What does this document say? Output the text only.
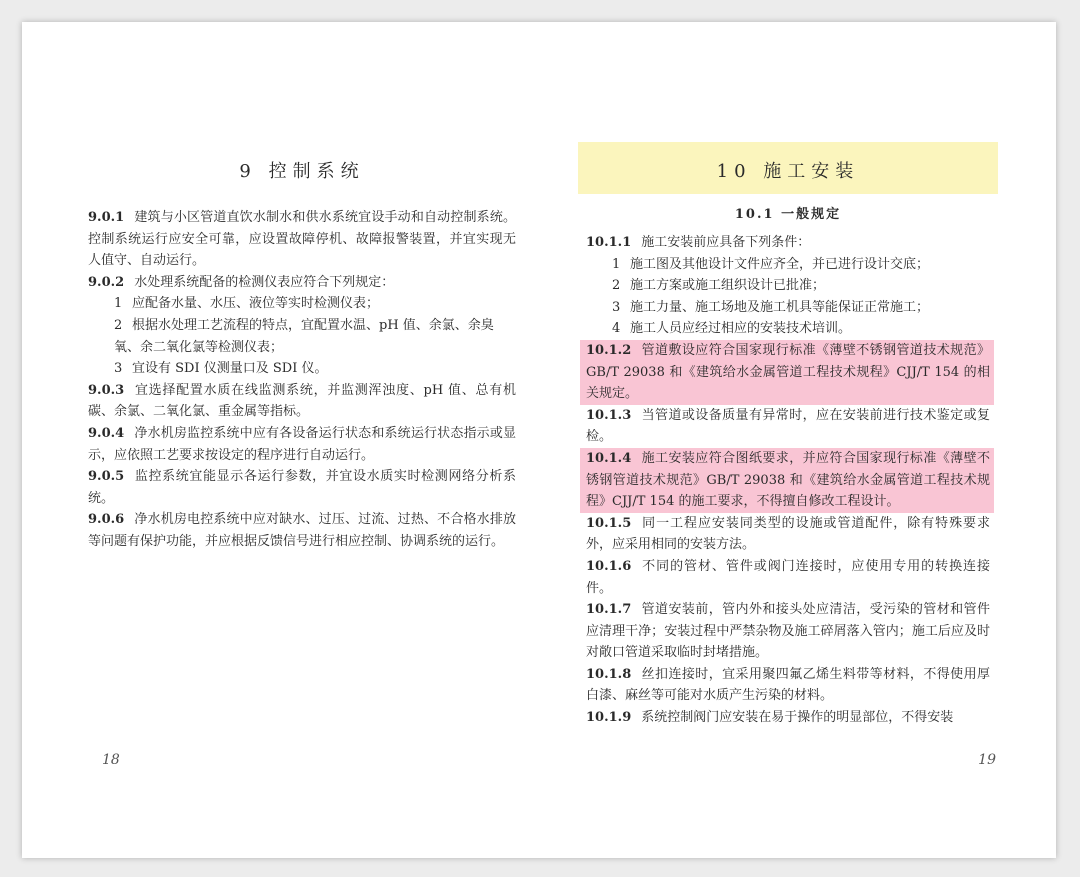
9 控制系统

9.0.1 建筑与小区管道直饮水制水和供水系统宜设手动和自动控制系统。控制系统运行应安全可靠，应设置故障停机、故障报警装置，并宜实现无人值守、自动运行。

9.0.2 水处理系统配备的检测仪表应符合下列规定：

1 应配备水量、水压、液位等实时检测仪表；

2 根据水处理工艺流程的特点，宜配置水温、pH 值、余氯、余臭氧、余二氧化氯等检测仪表；

3 宜设有 SDI 仪测量口及 SDI 仪。

9.0.3 宜选择配置水质在线监测系统，并监测浑浊度、pH 值、总有机碳、余氯、二氧化氯、重金属等指标。

9.0.4 净水机房监控系统中应有各设备运行状态和系统运行状态指示或显示，应依照工艺要求按设定的程序进行自动运行。

9.0.5 监控系统宜能显示各运行参数，并宜设水质实时检测网络分析系统。

9.0.6 净水机房电控系统中应对缺水、过压、过流、过热、不合格水排放等问题有保护功能，并应根据反馈信号进行相应控制、协调系统的运行。

18
10 施工安装
10.1 一般规定

10.1.1 施工安装前应具备下列条件：

1 施工图及其他设计文件应齐全，并已进行设计交底；

2 施工方案或施工组织设计已批准；

3 施工力量、施工场地及施工机具等能保证正常施工；

4 施工人员应经过相应的安装技术培训。

10.1.2 管道敷设应符合国家现行标准《薄壁不锈钢管道技术规范》GB/T 29038 和《建筑给水金属管道工程技术规程》CJJ/T 154 的相关规定。

10.1.3 当管道或设备质量有异常时，应在安装前进行技术鉴定或复检。

10.1.4 施工安装应符合图纸要求，并应符合国家现行标准《薄壁不锈钢管道技术规范》GB/T 29038 和《建筑给水金属管道工程技术规程》CJJ/T 154 的施工要求，不得擅自修改工程设计。

10.1.5 同一工程应安装同类型的设施或管道配件，除有特殊要求外，应采用相同的安装方法。

10.1.6 不同的管材、管件或阀门连接时，应使用专用的转换连接件。

10.1.7 管道安装前，管内外和接头处应清洁，受污染的管材和管件应清理干净；安装过程中严禁杂物及施工碎屑落入管内；施工后应及时对敞口管道采取临时封堵措施。

10.1.8 丝扣连接时，宜采用聚四氟乙烯生料带等材料，不得使用厚白漆、麻丝等可能对水质产生污染的材料。

10.1.9 系统控制阀门应安装在易于操作的明显部位，不得安装

19
